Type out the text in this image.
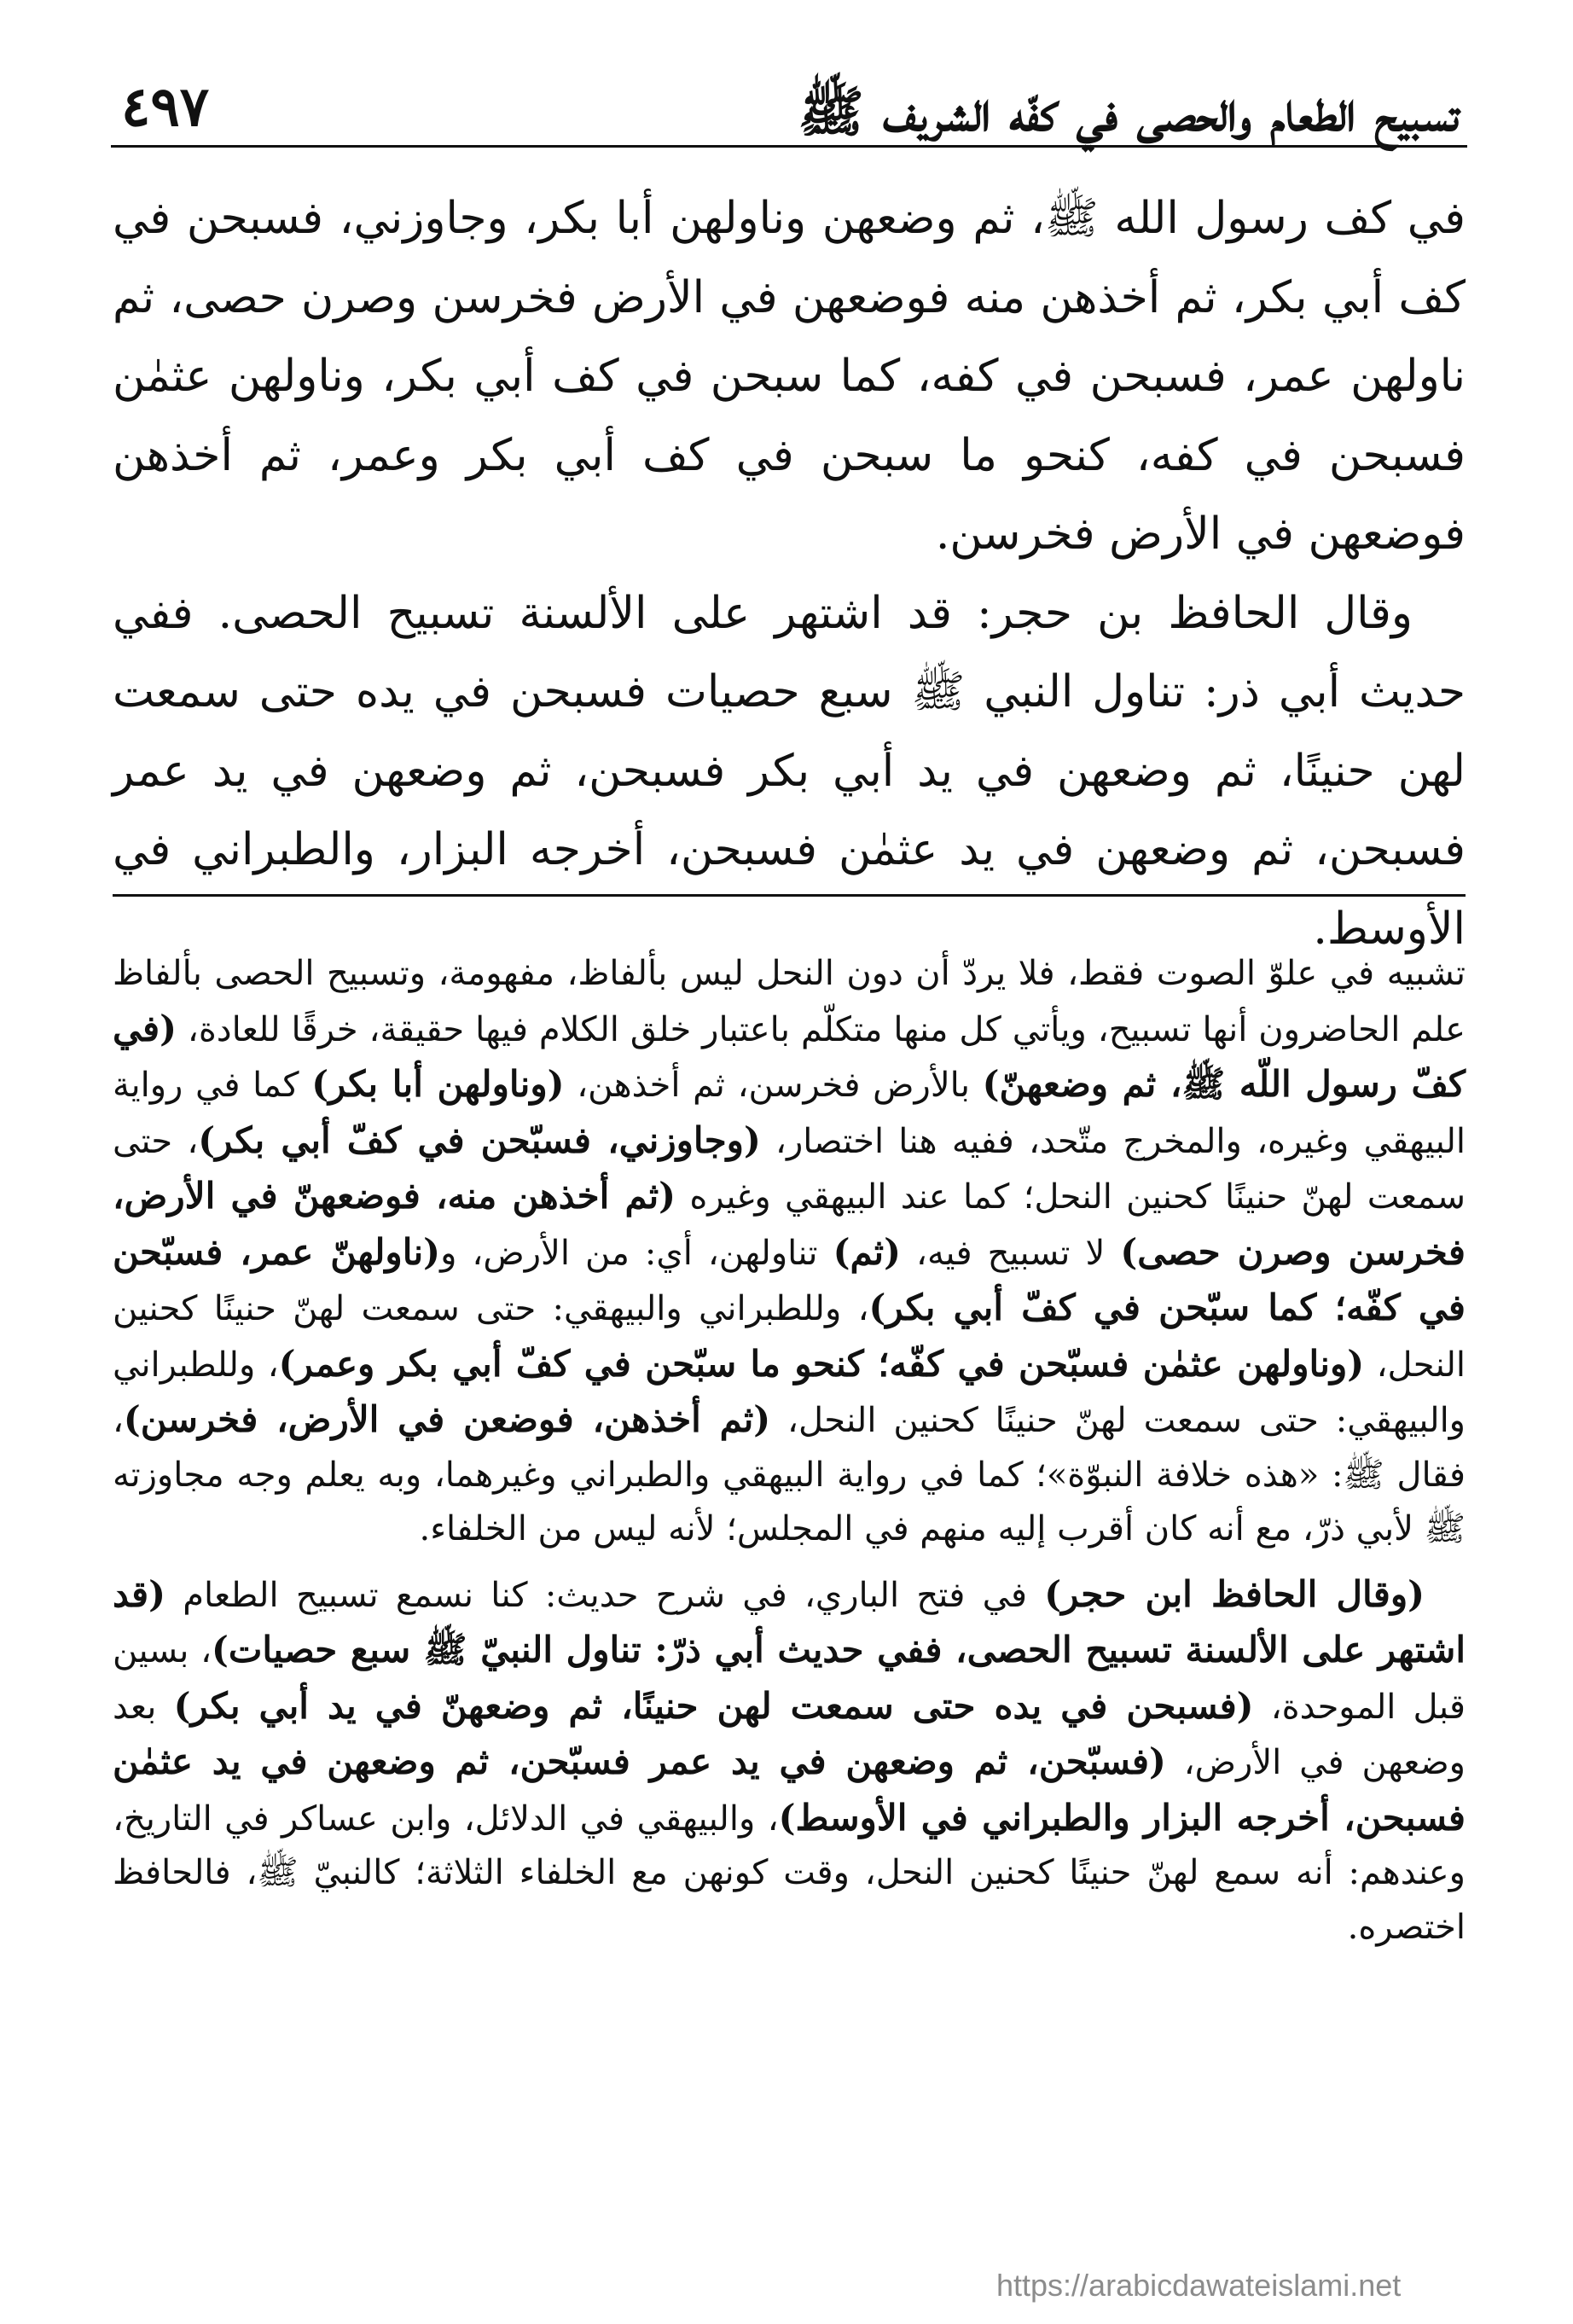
تسبيح الطعام والحصى في كفّه الشريف ﷺ
٤٩٧

في كف رسول الله ﷺ، ثم وضعهن وناولهن أبا بكر، وجاوزني، فسبحن في كف أبي بكر، ثم أخذهن منه فوضعهن في الأرض فخرسن وصرن حصى، ثم ناولهن عمر، فسبحن في كفه، كما سبحن في كف أبي بكر، وناولهن عثمٰن فسبحن في كفه، كنحو ما سبحن في كف أبي بكر وعمر، ثم أخذهن فوضعهن في الأرض فخرسن.

وقال الحافظ بن حجر: قد اشتهر على الألسنة تسبيح الحصى. ففي حديث أبي ذر: تناول النبي ﷺ سبع حصيات فسبحن في يده حتى سمعت لهن حنينًا، ثم وضعهن في يد أبي بكر فسبحن، ثم وضعهن في يد عمر فسبحن، ثم وضعهن في يد عثمٰن فسبحن، أخرجه البزار، والطبراني في الأوسط.

تشبيه في علوّ الصوت فقط، فلا يردّ أن دون النحل ليس بألفاظ، مفهومة، وتسبيح الحصى بألفاظ علم الحاضرون أنها تسبيح، ويأتي كل منها متكلّم باعتبار خلق الكلام فيها حقيقة، خرقًا للعادة، (في كفّ رسول اللّه ﷺ، ثم وضعهنّ) بالأرض فخرسن، ثم أخذهن، (وناولهن أبا بكر) كما في رواية البيهقي وغيره، والمخرج متّحد، ففيه هنا اختصار، (وجاوزني، فسبّحن في كفّ أبي بكر)، حتى سمعت لهنّ حنينًا كحنين النحل؛ كما عند البيهقي وغيره (ثم أخذهن منه، فوضعهنّ في الأرض، فخرسن وصرن حصى) لا تسبيح فيه، (ثم) تناولهن، أي: من الأرض، و(ناولهنّ عمر، فسبّحن في كفّه؛ كما سبّحن في كفّ أبي بكر)، وللطبراني والبيهقي: حتى سمعت لهنّ حنينًا كحنين النحل، (وناولهن عثمٰن فسبّحن في كفّه؛ كنحو ما سبّحن في كفّ أبي بكر وعمر)، وللطبراني والبيهقي: حتى سمعت لهنّ حنينًا كحنين النحل، (ثم أخذهن، فوضعن في الأرض، فخرسن)، فقال ﷺ: «هذه خلافة النبوّة»؛ كما في رواية البيهقي والطبراني وغيرهما، وبه يعلم وجه مجاوزته ﷺ لأبي ذرّ، مع أنه كان أقرب إليه منهم في المجلس؛ لأنه ليس من الخلفاء.

(وقال الحافظ ابن حجر) في فتح الباري، في شرح حديث: كنا نسمع تسبيح الطعام (قد اشتهر على الألسنة تسبيح الحصى، ففي حديث أبي ذرّ: تناول النبيّ ﷺ سبع حصيات)، بسين قبل الموحدة، (فسبحن في يده حتى سمعت لهن حنينًا، ثم وضعهنّ في يد أبي بكر) بعد وضعهن في الأرض، (فسبّحن، ثم وضعهن في يد عمر فسبّحن، ثم وضعهن في يد عثمٰن فسبحن، أخرجه البزار والطبراني في الأوسط)، والبيهقي في الدلائل، وابن عساكر في التاريخ، وعندهم: أنه سمع لهنّ حنينًا كحنين النحل، وقت كونهن مع الخلفاء الثلاثة؛ كالنبيّ ﷺ، فالحافظ اختصره.

https://arabicdawateislami.net
